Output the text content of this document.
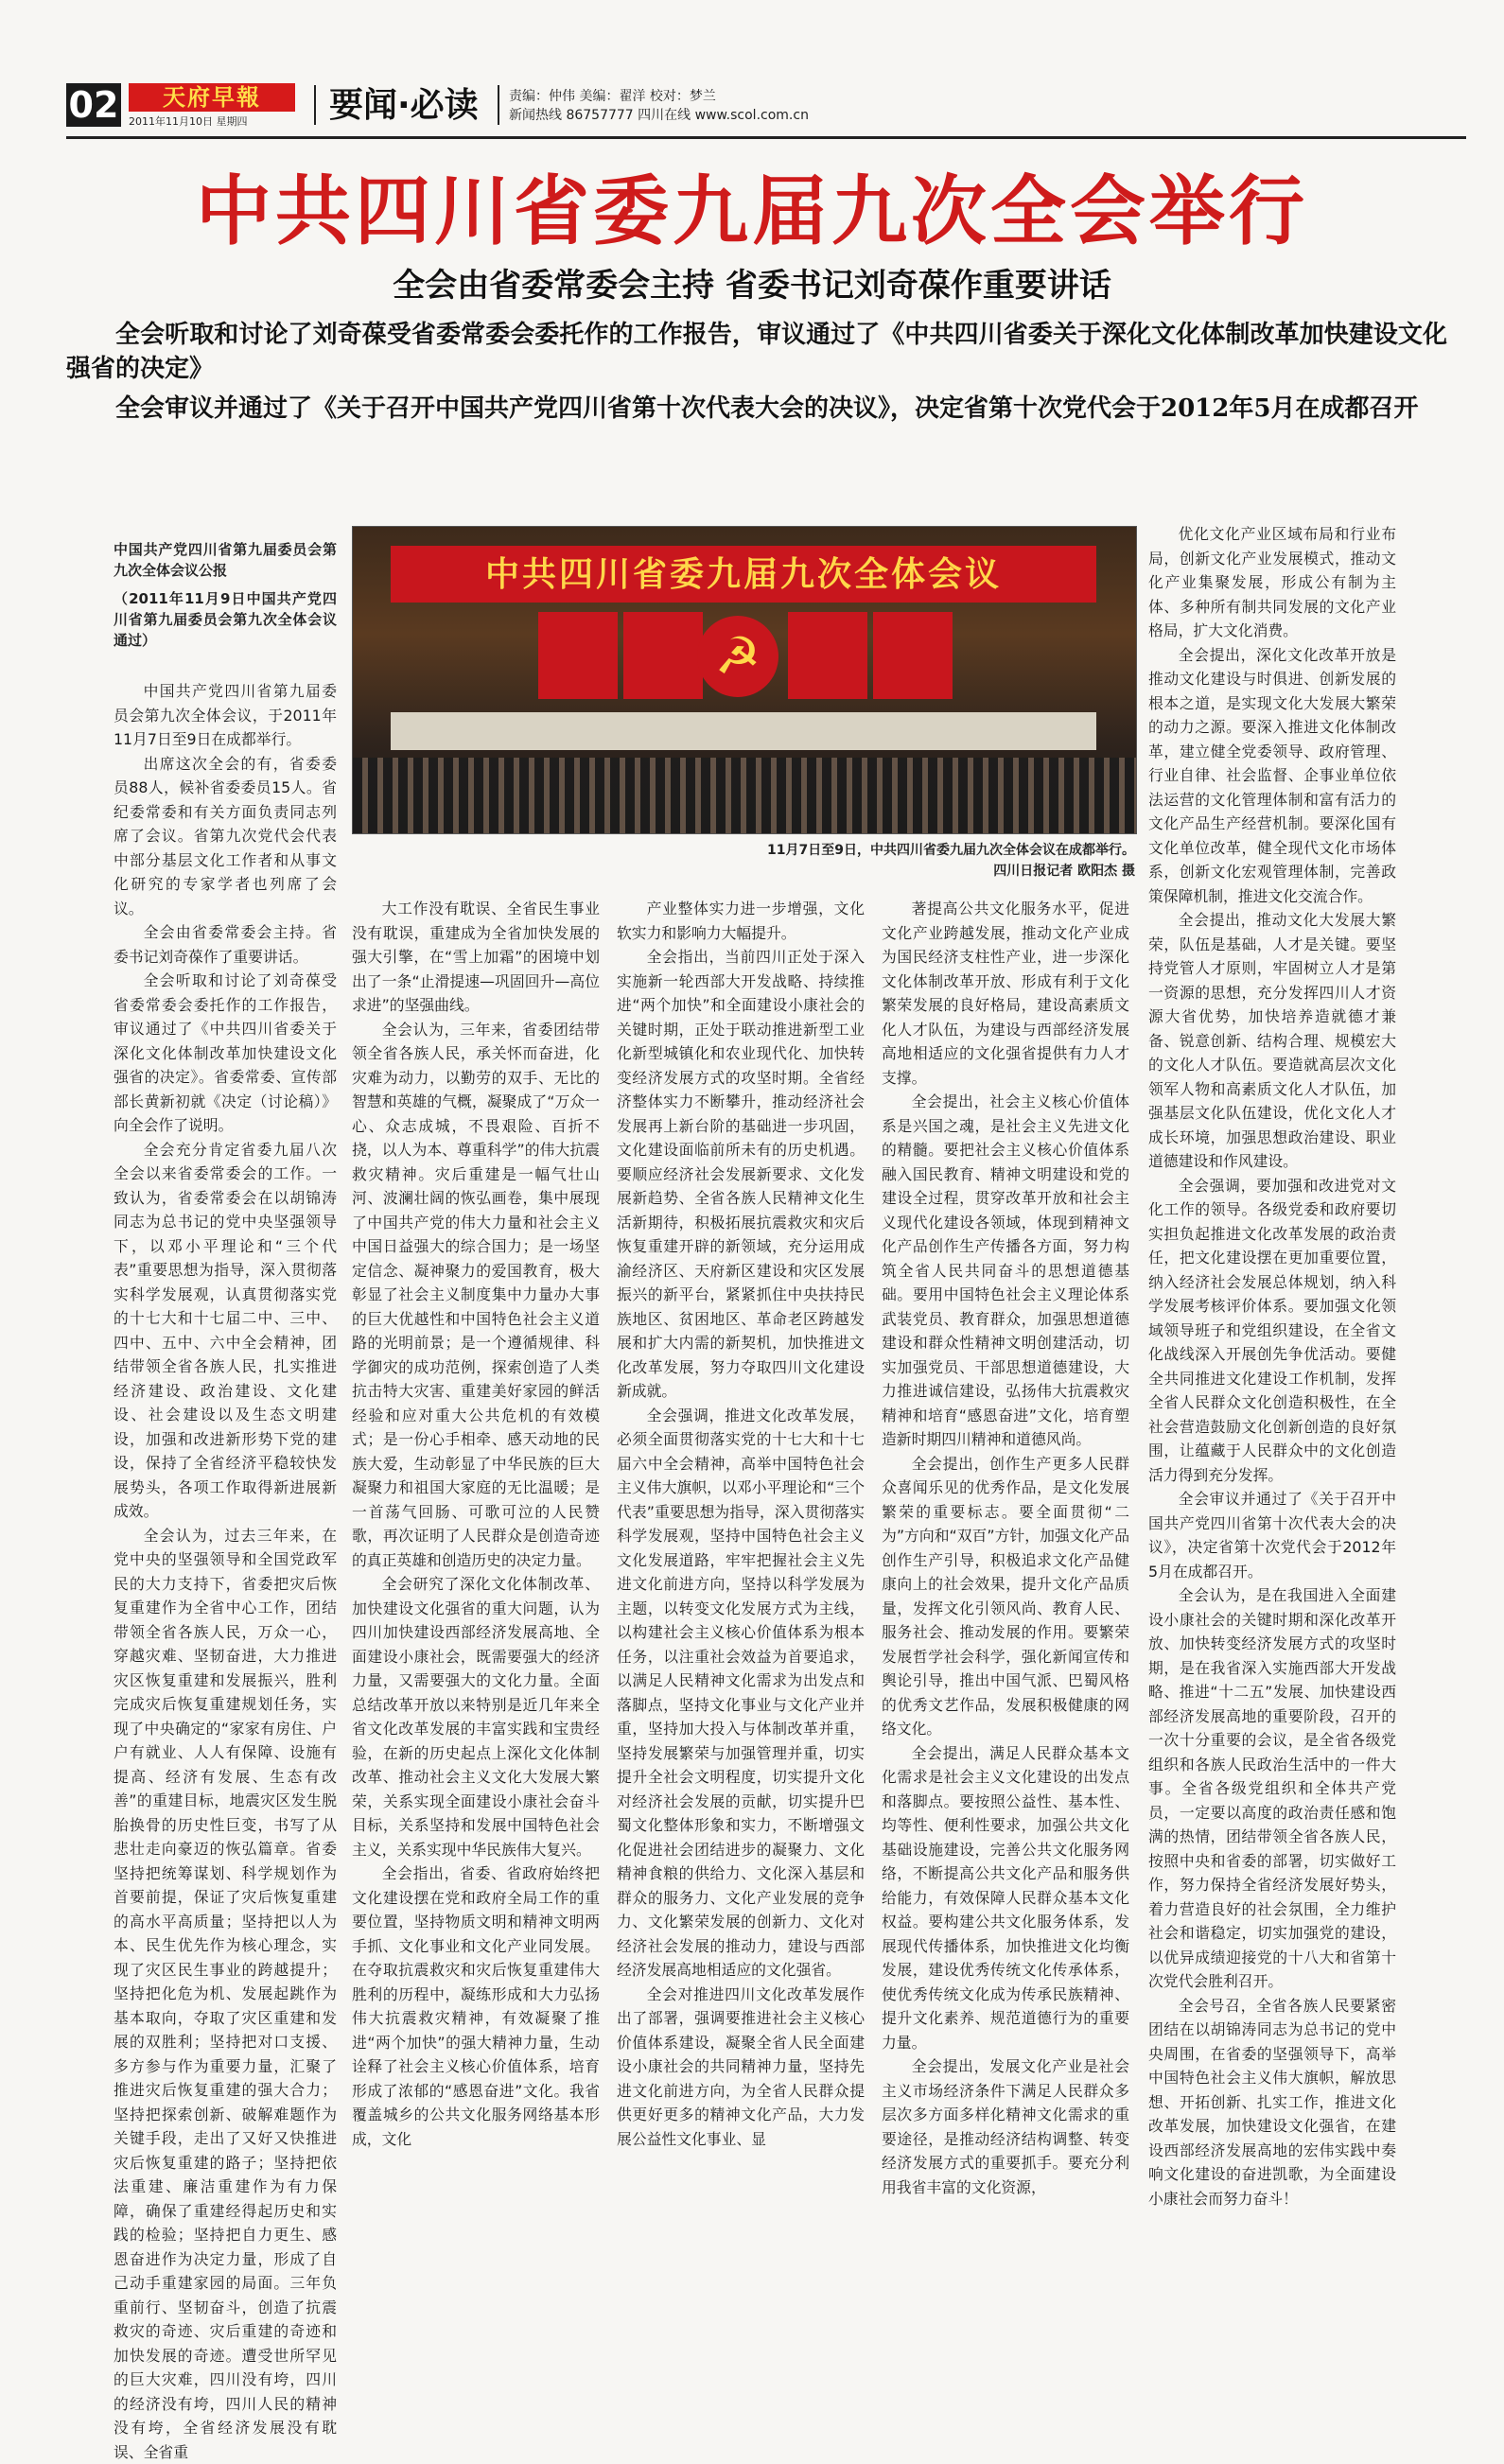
02	天府早報
2011年11月10日 星期四	要闻·必读 责编：仲伟 美编：翟洋 校对：梦兰
新闻热线 86757777 四川在线 www.scol.com.cn
中共四川省委九届九次全会举行
全会由省委常委会主持 省委书记刘奇葆作重要讲话
全会听取和讨论了刘奇葆受省委常委会委托作的工作报告，审议通过了《中共四川省委关于深化文化体制改革加快建设文化强省的决定》
全会审议并通过了《关于召开中国共产党四川省第十次代表大会的决议》，决定省第十次党代会于2012年5月在成都召开
中共四川省委九届九次全体会议
☭
11月7日至9日，中共四川省委九届九次全体会议在成都举行。
四川日报记者 欧阳杰 摄

中国共产党四川省第九届委员会第九次全体会议公报

（2011年11月9日中国共产党四川省第九届委员会第九次全体会议通过）

中国共产党四川省第九届委员会第九次全体会议，于2011年11月7日至9日在成都举行。

出席这次全会的有，省委委员88人，候补省委委员15人。省纪委常委和有关方面负责同志列席了会议。省第九次党代会代表中部分基层文化工作者和从事文化研究的专家学者也列席了会议。

全会由省委常委会主持。省委书记刘奇葆作了重要讲话。

全会听取和讨论了刘奇葆受省委常委会委托作的工作报告，审议通过了《中共四川省委关于深化文化体制改革加快建设文化强省的决定》。省委常委、宣传部部长黄新初就《决定（讨论稿）》向全会作了说明。

全会充分肯定省委九届八次全会以来省委常委会的工作。一致认为，省委常委会在以胡锦涛同志为总书记的党中央坚强领导下，以邓小平理论和“三个代表”重要思想为指导，深入贯彻落实科学发展观，认真贯彻落实党的十七大和十七届二中、三中、四中、五中、六中全会精神，团结带领全省各族人民，扎实推进经济建设、政治建设、文化建设、社会建设以及生态文明建设，加强和改进新形势下党的建设，保持了全省经济平稳较快发展势头，各项工作取得新进展新成效。

全会认为，过去三年来，在党中央的坚强领导和全国党政军民的大力支持下，省委把灾后恢复重建作为全省中心工作，团结带领全省各族人民，万众一心，穿越灾难、坚韧奋进，大力推进灾区恢复重建和发展振兴，胜利完成灾后恢复重建规划任务，实现了中央确定的“家家有房住、户户有就业、人人有保障、设施有提高、经济有发展、生态有改善”的重建目标，地震灾区发生脱胎换骨的历史性巨变，书写了从悲壮走向豪迈的恢弘篇章。省委坚持把统筹谋划、科学规划作为首要前提，保证了灾后恢复重建的高水平高质量；坚持把以人为本、民生优先作为核心理念，实现了灾区民生事业的跨越提升；坚持把化危为机、发展起跳作为基本取向，夺取了灾区重建和发展的双胜利；坚持把对口支援、多方参与作为重要力量，汇聚了推进灾后恢复重建的强大合力；坚持把探索创新、破解难题作为关键手段，走出了又好又快推进灾后恢复重建的路子；坚持把依法重建、廉洁重建作为有力保障，确保了重建经得起历史和实践的检验；坚持把自力更生、感恩奋进作为决定力量，形成了自己动手重建家园的局面。三年负重前行、坚韧奋斗，创造了抗震救灾的奇迹、灾后重建的奇迹和加快发展的奇迹。遭受世所罕见的巨大灾难，四川没有垮，四川的经济没有垮，四川人民的精神没有垮，全省经济发展没有耽误、全省重

大工作没有耽误、全省民生事业没有耽误，重建成为全省加快发展的强大引擎，在“雪上加霜”的困境中划出了一条“止滑提速—巩固回升—高位求进”的坚强曲线。

全会认为，三年来，省委团结带领全省各族人民，承关怀而奋进，化灾难为动力，以勤劳的双手、无比的智慧和英雄的气概，凝聚成了“万众一心、众志成城，不畏艰险、百折不挠，以人为本、尊重科学”的伟大抗震救灾精神。灾后重建是一幅气壮山河、波澜壮阔的恢弘画卷，集中展现了中国共产党的伟大力量和社会主义中国日益强大的综合国力；是一场坚定信念、凝神聚力的爱国教育，极大彰显了社会主义制度集中力量办大事的巨大优越性和中国特色社会主义道路的光明前景；是一个遵循规律、科学御灾的成功范例，探索创造了人类抗击特大灾害、重建美好家园的鲜活经验和应对重大公共危机的有效模式；是一份心手相牵、感天动地的民族大爱，生动彰显了中华民族的巨大凝聚力和祖国大家庭的无比温暖；是一首荡气回肠、可歌可泣的人民赞歌，再次证明了人民群众是创造奇迹的真正英雄和创造历史的决定力量。

全会研究了深化文化体制改革、加快建设文化强省的重大问题，认为四川加快建设西部经济发展高地、全面建设小康社会，既需要强大的经济力量，又需要强大的文化力量。全面总结改革开放以来特别是近几年来全省文化改革发展的丰富实践和宝贵经验，在新的历史起点上深化文化体制改革、推动社会主义文化大发展大繁荣，关系实现全面建设小康社会奋斗目标，关系坚持和发展中国特色社会主义，关系实现中华民族伟大复兴。

全会指出，省委、省政府始终把文化建设摆在党和政府全局工作的重要位置，坚持物质文明和精神文明两手抓、文化事业和文化产业同发展。在夺取抗震救灾和灾后恢复重建伟大胜利的历程中，凝练形成和大力弘扬伟大抗震救灾精神，有效凝聚了推进“两个加快”的强大精神力量，生动诠释了社会主义核心价值体系，培育形成了浓郁的“感恩奋进”文化。我省覆盖城乡的公共文化服务网络基本形成，文化

产业整体实力进一步增强，文化软实力和影响力大幅提升。

全会指出，当前四川正处于深入实施新一轮西部大开发战略、持续推进“两个加快”和全面建设小康社会的关键时期，正处于联动推进新型工业化新型城镇化和农业现代化、加快转变经济发展方式的攻坚时期。全省经济整体实力不断攀升，推动经济社会发展再上新台阶的基础进一步巩固，文化建设面临前所未有的历史机遇。要顺应经济社会发展新要求、文化发展新趋势、全省各族人民精神文化生活新期待，积极拓展抗震救灾和灾后恢复重建开辟的新领域，充分运用成渝经济区、天府新区建设和灾区发展振兴的新平台，紧紧抓住中央扶持民族地区、贫困地区、革命老区跨越发展和扩大内需的新契机，加快推进文化改革发展，努力夺取四川文化建设新成就。

全会强调，推进文化改革发展，必须全面贯彻落实党的十七大和十七届六中全会精神，高举中国特色社会主义伟大旗帜，以邓小平理论和“三个代表”重要思想为指导，深入贯彻落实科学发展观，坚持中国特色社会主义文化发展道路，牢牢把握社会主义先进文化前进方向，坚持以科学发展为主题，以转变文化发展方式为主线，以构建社会主义核心价值体系为根本任务，以注重社会效益为首要追求，以满足人民精神文化需求为出发点和落脚点，坚持文化事业与文化产业并重，坚持加大投入与体制改革并重，坚持发展繁荣与加强管理并重，切实提升全社会文明程度，切实提升文化对经济社会发展的贡献，切实提升巴蜀文化整体形象和实力，不断增强文化促进社会团结进步的凝聚力、文化精神食粮的供给力、文化深入基层和群众的服务力、文化产业发展的竞争力、文化繁荣发展的创新力、文化对经济社会发展的推动力，建设与西部经济发展高地相适应的文化强省。

全会对推进四川文化改革发展作出了部署，强调要推进社会主义核心价值体系建设，凝聚全省人民全面建设小康社会的共同精神力量，坚持先进文化前进方向，为全省人民群众提供更好更多的精神文化产品，大力发展公益性文化事业、显

著提高公共文化服务水平，促进文化产业跨越发展，推动文化产业成为国民经济支柱性产业，进一步深化文化体制改革开放、形成有利于文化繁荣发展的良好格局，建设高素质文化人才队伍，为建设与西部经济发展高地相适应的文化强省提供有力人才支撑。

全会提出，社会主义核心价值体系是兴国之魂，是社会主义先进文化的精髓。要把社会主义核心价值体系融入国民教育、精神文明建设和党的建设全过程，贯穿改革开放和社会主义现代化建设各领域，体现到精神文化产品创作生产传播各方面，努力构筑全省人民共同奋斗的思想道德基础。要用中国特色社会主义理论体系武装党员、教育群众，加强思想道德建设和群众性精神文明创建活动，切实加强党员、干部思想道德建设，大力推进诚信建设，弘扬伟大抗震救灾精神和培育“感恩奋进”文化，培育塑造新时期四川精神和道德风尚。

全会提出，创作生产更多人民群众喜闻乐见的优秀作品，是文化发展繁荣的重要标志。要全面贯彻“二为”方向和“双百”方针，加强文化产品创作生产引导，积极追求文化产品健康向上的社会效果，提升文化产品质量，发挥文化引领风尚、教育人民、服务社会、推动发展的作用。要繁荣发展哲学社会科学，强化新闻宣传和舆论引导，推出中国气派、巴蜀风格的优秀文艺作品，发展积极健康的网络文化。

全会提出，满足人民群众基本文化需求是社会主义文化建设的出发点和落脚点。要按照公益性、基本性、均等性、便利性要求，加强公共文化基础设施建设，完善公共文化服务网络，不断提高公共文化产品和服务供给能力，有效保障人民群众基本文化权益。要构建公共文化服务体系，发展现代传播体系，加快推进文化均衡发展，建设优秀传统文化传承体系，使优秀传统文化成为传承民族精神、提升文化素养、规范道德行为的重要力量。

全会提出，发展文化产业是社会主义市场经济条件下满足人民群众多层次多方面多样化精神文化需求的重要途径，是推动经济结构调整、转变经济发展方式的重要抓手。要充分利用我省丰富的文化资源，

优化文化产业区域布局和行业布局，创新文化产业发展模式，推动文化产业集聚发展，形成公有制为主体、多种所有制共同发展的文化产业格局，扩大文化消费。

全会提出，深化文化改革开放是推动文化建设与时俱进、创新发展的根本之道，是实现文化大发展大繁荣的动力之源。要深入推进文化体制改革，建立健全党委领导、政府管理、行业自律、社会监督、企事业单位依法运营的文化管理体制和富有活力的文化产品生产经营机制。要深化国有文化单位改革，健全现代文化市场体系，创新文化宏观管理体制，完善政策保障机制，推进文化交流合作。

全会提出，推动文化大发展大繁荣，队伍是基础，人才是关键。要坚持党管人才原则，牢固树立人才是第一资源的思想，充分发挥四川人才资源大省优势，加快培养造就德才兼备、锐意创新、结构合理、规模宏大的文化人才队伍。要造就高层次文化领军人物和高素质文化人才队伍，加强基层文化队伍建设，优化文化人才成长环境，加强思想政治建设、职业道德建设和作风建设。

全会强调，要加强和改进党对文化工作的领导。各级党委和政府要切实担负起推进文化改革发展的政治责任，把文化建设摆在更加重要位置，纳入经济社会发展总体规划，纳入科学发展考核评价体系。要加强文化领域领导班子和党组织建设，在全省文化战线深入开展创先争优活动。要健全共同推进文化建设工作机制，发挥全省人民群众文化创造积极性，在全社会营造鼓励文化创新创造的良好氛围，让蕴藏于人民群众中的文化创造活力得到充分发挥。

全会审议并通过了《关于召开中国共产党四川省第十次代表大会的决议》，决定省第十次党代会于2012年5月在成都召开。

全会认为，是在我国进入全面建设小康社会的关键时期和深化改革开放、加快转变经济发展方式的攻坚时期，是在我省深入实施西部大开发战略、推进“十二五”发展、加快建设西部经济发展高地的重要阶段，召开的一次十分重要的会议，是全省各级党组织和各族人民政治生活中的一件大事。全省各级党组织和全体共产党员，一定要以高度的政治责任感和饱满的热情，团结带领全省各族人民，按照中央和省委的部署，切实做好工作，努力保持全省经济发展好势头，着力营造良好的社会氛围，全力维护社会和谐稳定，切实加强党的建设，以优异成绩迎接党的十八大和省第十次党代会胜利召开。

全会号召，全省各族人民要紧密团结在以胡锦涛同志为总书记的党中央周围，在省委的坚强领导下，高举中国特色社会主义伟大旗帜，解放思想、开拓创新、扎实工作，推进文化改革发展，加快建设文化强省，在建设西部经济发展高地的宏伟实践中奏响文化建设的奋进凯歌，为全面建设小康社会而努力奋斗！
